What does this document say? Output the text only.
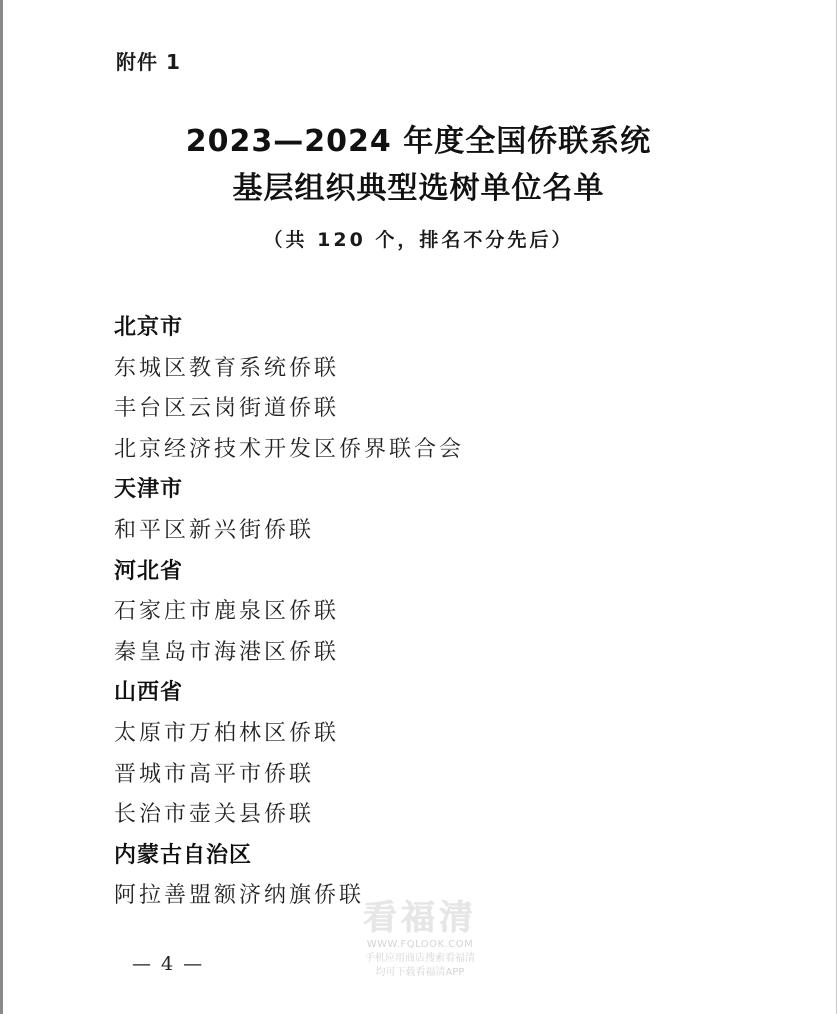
附件 1
2023—2024 年度全国侨联系统
基层组织典型选树单位名单
（共 120 个，排名不分先后）
北京市
东城区教育系统侨联
丰台区云岗街道侨联
北京经济技术开发区侨界联合会
天津市
和平区新兴街侨联
河北省
石家庄市鹿泉区侨联
秦皇岛市海港区侨联
山西省
太原市万柏林区侨联
晋城市高平市侨联
长治市壶关县侨联
内蒙古自治区
阿拉善盟额济纳旗侨联
— 4 —
看福清
WWW.FQLOOK.COM
手机应用商店搜索看福清
均可下载看福清APP
